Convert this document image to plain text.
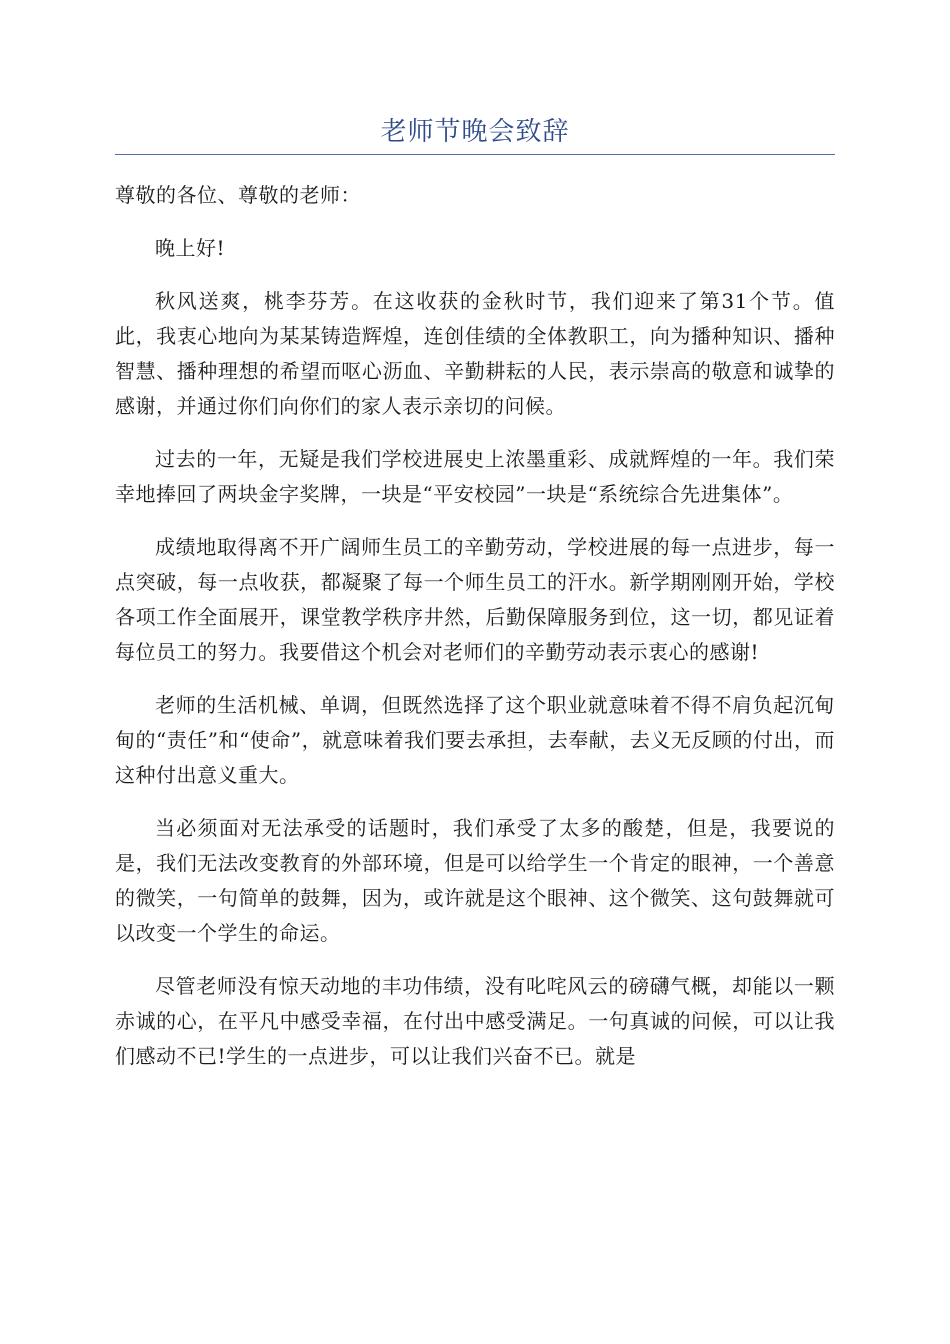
老师节晚会致辞

尊敬的各位、尊敬的老师：

晚上好!

秋风送爽，桃李芬芳。在这收获的金秋时节，我们迎来了第31个节。值此，我衷心地向为某某铸造辉煌，连创佳绩的全体教职工，向为播种知识、播种智慧、播种理想的希望而呕心沥血、辛勤耕耘的人民，表示崇高的敬意和诚挚的感谢，并通过你们向你们的家人表示亲切的问候。

过去的一年，无疑是我们学校进展史上浓墨重彩、成就辉煌的一年。我们荣幸地捧回了两块金字奖牌，一块是“平安校园”一块是“系统综合先进集体”。

成绩地取得离不开广阔师生员工的辛勤劳动，学校进展的每一点进步，每一点突破，每一点收获，都凝聚了每一个师生员工的汗水。新学期刚刚开始，学校各项工作全面展开，课堂教学秩序井然，后勤保障服务到位，这一切，都见证着每位员工的努力。我要借这个机会对老师们的辛勤劳动表示衷心的感谢!

老师的生活机械、单调，但既然选择了这个职业就意味着不得不肩负起沉甸甸的“责任”和“使命”，就意味着我们要去承担，去奉献，去义无反顾的付出，而这种付出意义重大。

当必须面对无法承受的话题时，我们承受了太多的酸楚，但是，我要说的是，我们无法改变教育的外部环境，但是可以给学生一个肯定的眼神，一个善意的微笑，一句简单的鼓舞，因为，或许就是这个眼神、这个微笑、这句鼓舞就可以改变一个学生的命运。

尽管老师没有惊天动地的丰功伟绩，没有叱咤风云的磅礴气概，却能以一颗赤诚的心，在平凡中感受幸福，在付出中感受满足。一句真诚的问候，可以让我们感动不已!学生的一点进步，可以让我们兴奋不已。就是
